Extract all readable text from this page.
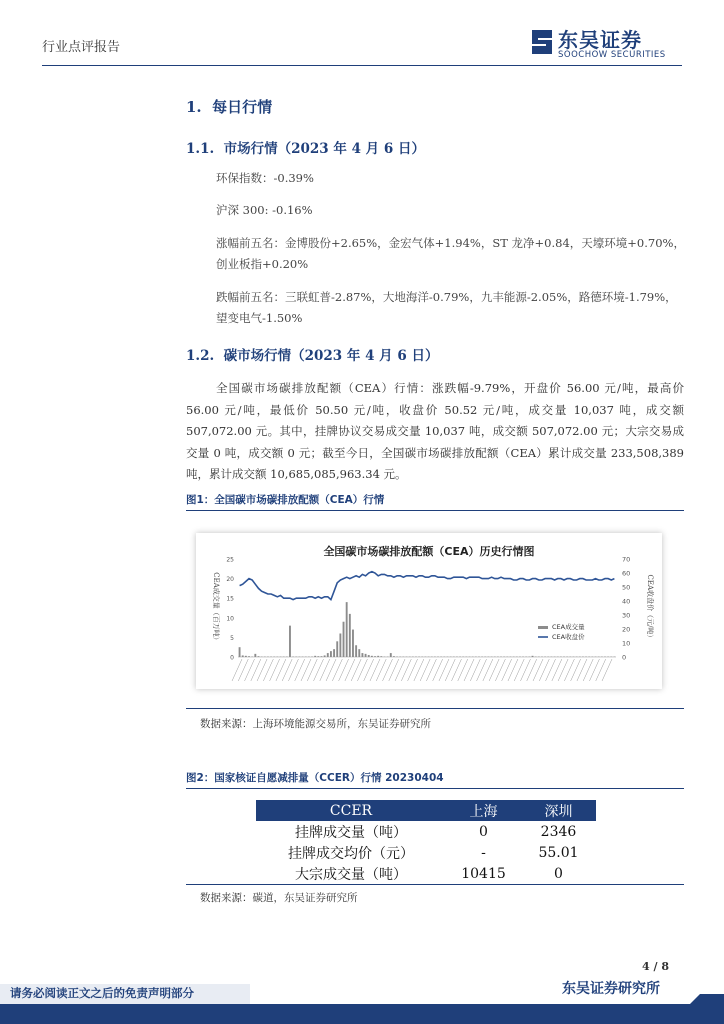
行业点评报告	东吴证券
SOOCHOW SECURITIES
1. 每日行情
1.1. 市场行情（2023 年 4 月 6 日）
环保指数：-0.39%
沪深 300: -0.16%
涨幅前五名：金博股份+2.65%，金宏气体+1.94%，ST 龙净+0.84，天壕环境+0.70%，
创业板指+0.20%
跌幅前五名：三联虹普-2.87%，大地海洋-0.79%，九丰能源-2.05%，路德环境-1.79%，
望变电气-1.50%
1.2. 碳市场行情（2023 年 4 月 6 日）
全国碳市场碳排放配额（CEA）行情：涨跌幅-9.79%，开盘价 56.00 元/吨，最高价 56.00 元/吨，最低价 50.50 元/吨，收盘价 50.52 元/吨，成交量 10,037 吨，成交额 507,072.00 元。其中，挂牌协议交易成交量 10,037 吨，成交额 507,072.00 元；大宗交易成交量 0 吨，成交额 0 元；截至今日，全国碳市场碳排放配额（CEA）累计成交量 233,508,389 吨，累计成交额 10,685,085,963.34 元。
图1：全国碳市场碳排放配额（CEA）行情
全国碳市场碳排放配额（CEA）历史行情图
25
20
15
10
5
0
70
60
50
40
30
20
10
0
CEA成交量（百万吨）	CEA收盘价（元/吨）
CEA成交量
CEA收盘价
数据来源：上海环境能源交易所，东吴证券研究所
图2：国家核证自愿减排量（CCER）行情 20230404
CCER	上海	深圳
挂牌成交量（吨）	0	2346
挂牌成交均价（元）	-	55.01
大宗成交量（吨）	10415	0
数据来源：碳道，东吴证券研究所
4 / 8
请务必阅读正文之后的免责声明部分	东吴证券研究所
